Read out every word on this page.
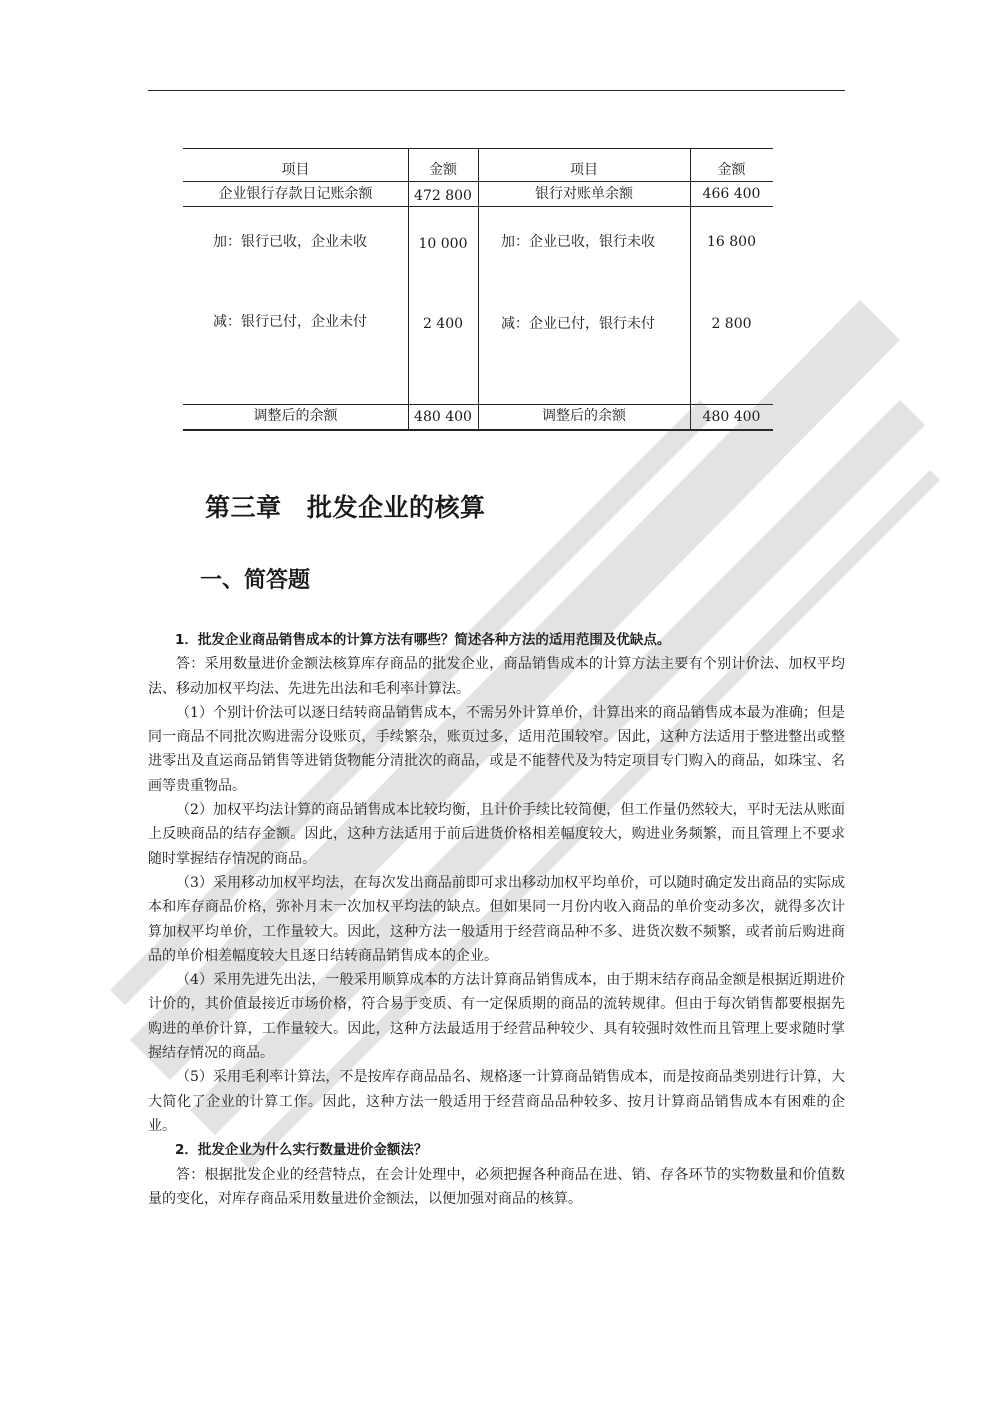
项目	金额	项目	金额
企业银行存款日记账余额	472 800	银行对账单余额	466 400
加：银行已收，企业未收	10 000	加：企业已收，银行未收	16 800
减：银行已付，企业未付	2 400	减：企业已付，银行未付	2 800
调整后的余额	480 400	调整后的余额	480 400
第三章　批发企业的核算
一、简答题

1．批发企业商品销售成本的计算方法有哪些？简述各种方法的适用范围及优缺点。

答：采用数量进价金额法核算库存商品的批发企业，商品销售成本的计算方法主要有个别计价法、加权平均法、移动加权平均法、先进先出法和毛利率计算法。

（1）个别计价法可以逐日结转商品销售成本，不需另外计算单价，计算出来的商品销售成本最为准确；但是同一商品不同批次购进需分设账页，手续繁杂，账页过多，适用范围较窄。因此，这种方法适用于整进整出或整进零出及直运商品销售等进销货物能分清批次的商品，或是不能替代及为特定项目专门购入的商品，如珠宝、名画等贵重物品。

（2）加权平均法计算的商品销售成本比较均衡，且计价手续比较简便，但工作量仍然较大，平时无法从账面上反映商品的结存金额。因此，这种方法适用于前后进货价格相差幅度较大，购进业务频繁，而且管理上不要求随时掌握结存情况的商品。

（3）采用移动加权平均法，在每次发出商品前即可求出移动加权平均单价，可以随时确定发出商品的实际成本和库存商品价格，弥补月末一次加权平均法的缺点。但如果同一月份内收入商品的单价变动多次，就得多次计算加权平均单价，工作量较大。因此，这种方法一般适用于经营商品种不多、进货次数不频繁，或者前后购进商品的单价相差幅度较大且逐日结转商品销售成本的企业。

（4）采用先进先出法，一般采用顺算成本的方法计算商品销售成本，由于期末结存商品金额是根据近期进价计价的，其价值最接近市场价格，符合易于变质、有一定保质期的商品的流转规律。但由于每次销售都要根据先购进的单价计算，工作量较大。因此，这种方法最适用于经营品种较少、具有较强时效性而且管理上要求随时掌握结存情况的商品。

（5）采用毛利率计算法，不是按库存商品品名、规格逐一计算商品销售成本，而是按商品类别进行计算，大大简化了企业的计算工作。因此，这种方法一般适用于经营商品品种较多、按月计算商品销售成本有困难的企业。

2．批发企业为什么实行数量进价金额法？

答：根据批发企业的经营特点，在会计处理中，必须把握各种商品在进、销、存各环节的实物数量和价值数量的变化，对库存商品采用数量进价金额法，以便加强对商品的核算。
